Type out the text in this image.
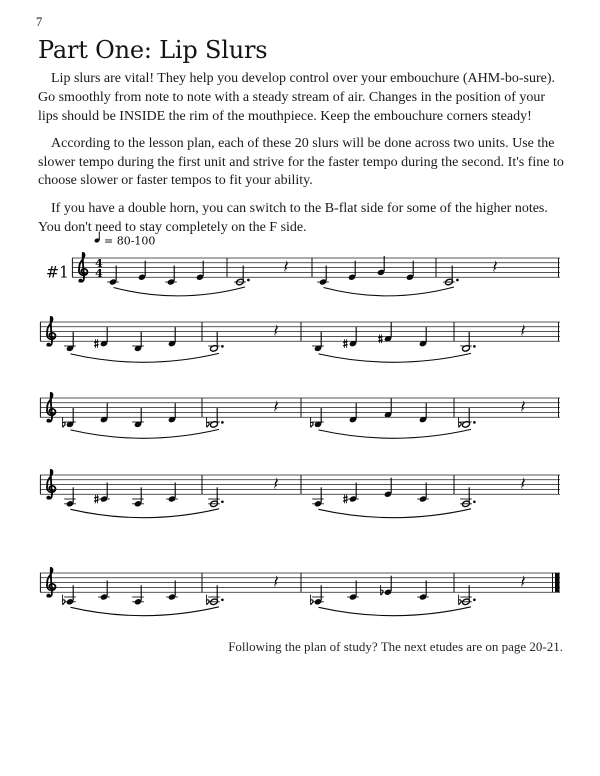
7
Part One: Lip Slurs

Lip slurs are vital! They help you develop control over your embouchure (AHM-bo-sure). Go smoothly from note to note with a steady stream of air. Changes in the position of your lips should be INSIDE the rim of the mouthpiece. Keep the embouchure corners steady!

According to the lesson plan, each of these 20 slurs will be done across two units. Use the slower tempo during the first unit and strive for the faster tempo during the second. It's fine to choose slower or faster tempos to fit your ability.

If you have a double horn, you can switch to the B-flat side for some of the higher notes. You don't need to stay completely on the F side.

#1
4
4
= 80-100
Following the plan of study? The next etudes are on page 20-21.
